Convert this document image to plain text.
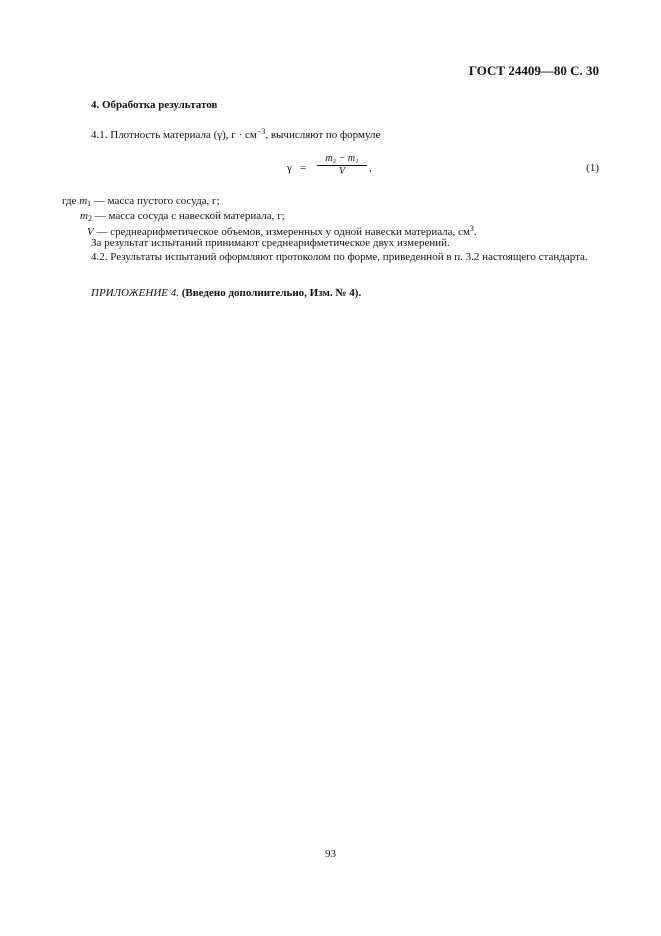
ГОСТ 24409—80 С. 30
4. Обработка результатов
4.1. Плотность материала (γ), $г \cdot см^{-3}$, вычисляют по формуле
$\gamma = \frac{\text{m₂ − m₁}}{V}$ ,	(1)
где $m_1$ — масса пустого сосуда, г;
$m_2$ — масса сосуда с навеской материала, г;
V — среднеарифметическое объемов, измеренных у одной навески материала, $см^3$.
За результат испытаний принимают среднеарифметическое двух измерений.
4.2. Результаты испытаний оформляют протоколом по форме, приведенной в п. 3.2 настоящего стандарта.
ПРИЛОЖЕНИЕ 4. (Введено дополнительно, Изм. № 4).
93
